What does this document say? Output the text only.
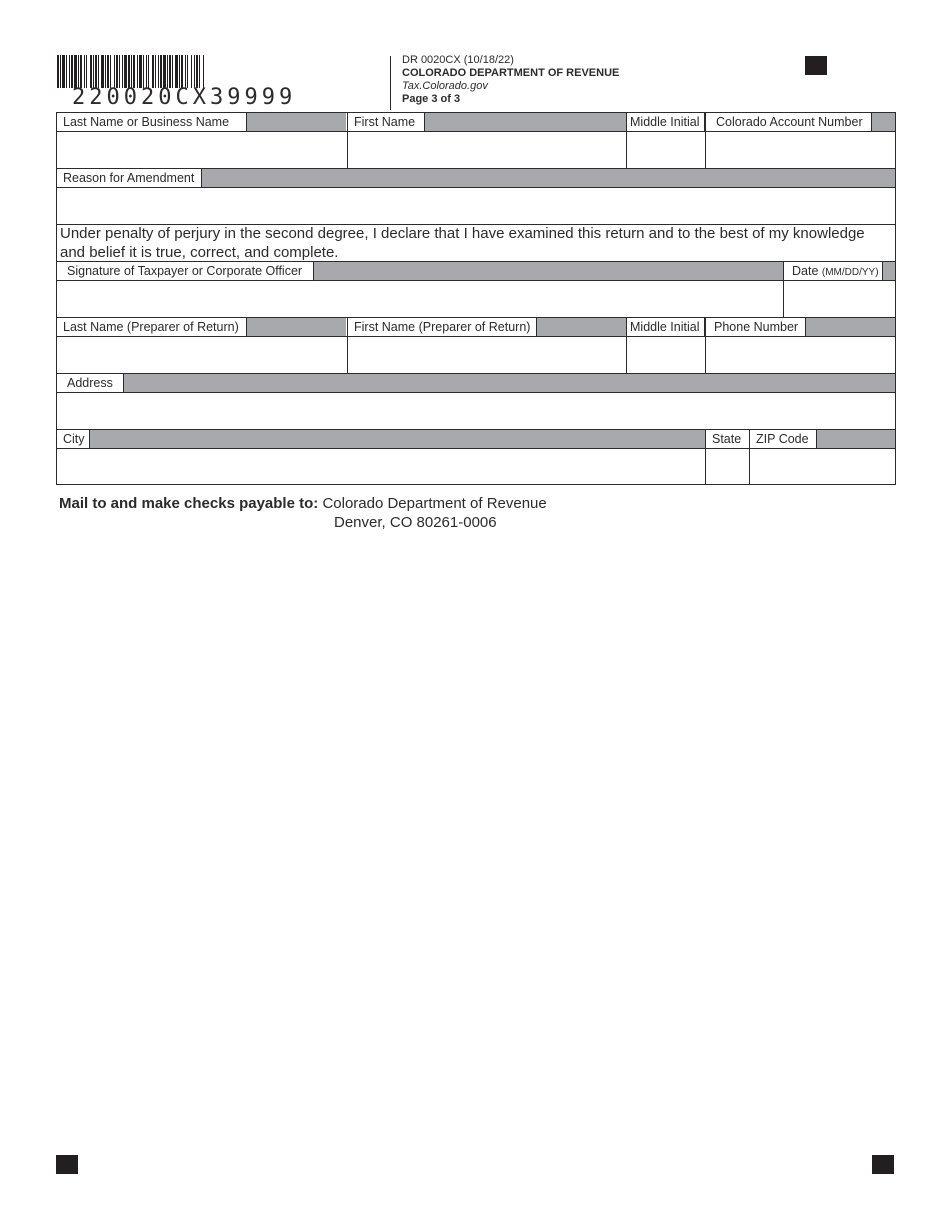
220020CX39999
DR 0020CX (10/18/22)
COLORADO DEPARTMENT OF REVENUE
Tax.Colorado.gov
Page 3 of 3
Last Name or Business Name	First Name	Middle Initial	Colorado Account Number
Reason for Amendment
Under penalty of perjury in the second degree, I declare that I have examined this return and to the best of my knowledge and belief it is true, correct, and complete.
Signature of Taxpayer or Corporate Officer	Date (MM/DD/YY)
Last Name (Preparer of Return)	First Name (Preparer of Return)	Middle Initial	Phone Number
Address
City	State	ZIP Code
Mail to and make checks payable to: Colorado Department of Revenue
Denver, CO 80261-0006
